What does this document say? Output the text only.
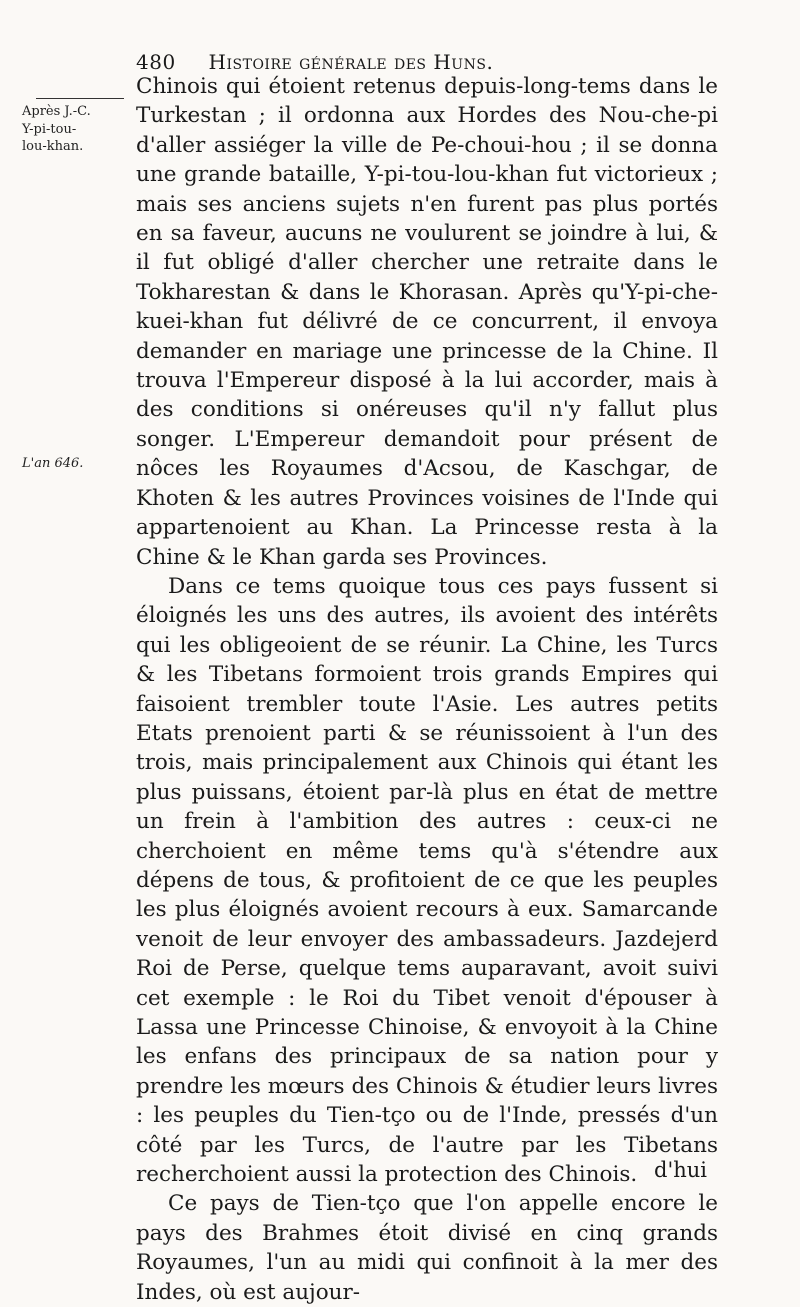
480 Histoire générale des Huns.
Après J.-C.
Y-pi-tou-lou-khan.
L'an 646.

Chinois qui étoient retenus depuis-long-tems dans le Turkestan ; il ordonna aux Hordes des Nou-che-pi d'aller assiéger la ville de Pe-choui-hou ; il se donna une grande bataille, Y-pi-tou-lou-khan fut victorieux ; mais ses anciens sujets n'en furent pas plus portés en sa faveur, aucuns ne voulurent se joindre à lui, & il fut obligé d'aller chercher une retraite dans le Tokharestan & dans le Khorasan. Après qu'Y-pi-che-kuei-khan fut délivré de ce concurrent, il envoya demander en mariage une princesse de la Chine. Il trouva l'Empereur disposé à la lui accorder, mais à des conditions si onéreuses qu'il n'y fallut plus songer. L'Empereur demandoit pour présent de nôces les Royaumes d'Acsou, de Kaschgar, de Khoten & les autres Provinces voisines de l'Inde qui appartenoient au Khan. La Princesse resta à la Chine & le Khan garda ses Provinces.

Dans ce tems quoique tous ces pays fussent si éloignés les uns des autres, ils avoient des intérêts qui les obligeoient de se réunir. La Chine, les Turcs & les Tibetans formoient trois grands Empires qui faisoient trembler toute l'Asie. Les autres petits Etats prenoient parti & se réunissoient à l'un des trois, mais principalement aux Chinois qui étant les plus puissans, étoient par-là plus en état de mettre un frein à l'ambition des autres : ceux-ci ne cherchoient en même tems qu'à s'étendre aux dépens de tous, & profitoient de ce que les peuples les plus éloignés avoient recours à eux. Samarcande venoit de leur envoyer des ambassadeurs. Jazdejerd Roi de Perse, quelque tems auparavant, avoit suivi cet exemple : le Roi du Tibet venoit d'épouser à Lassa une Princesse Chinoise, & envoyoit à la Chine les enfans des principaux de sa nation pour y prendre les mœurs des Chinois & étudier leurs livres : les peuples du Tien-tço ou de l'Inde, pressés d'un côté par les Turcs, de l'autre par les Tibetans recherchoient aussi la protection des Chinois.

Ce pays de Tien-tço que l'on appelle encore le pays des Brahmes étoit divisé en cinq grands Royaumes, l'un au midi qui confinoit à la mer des Indes, où est aujour-

d'hui
